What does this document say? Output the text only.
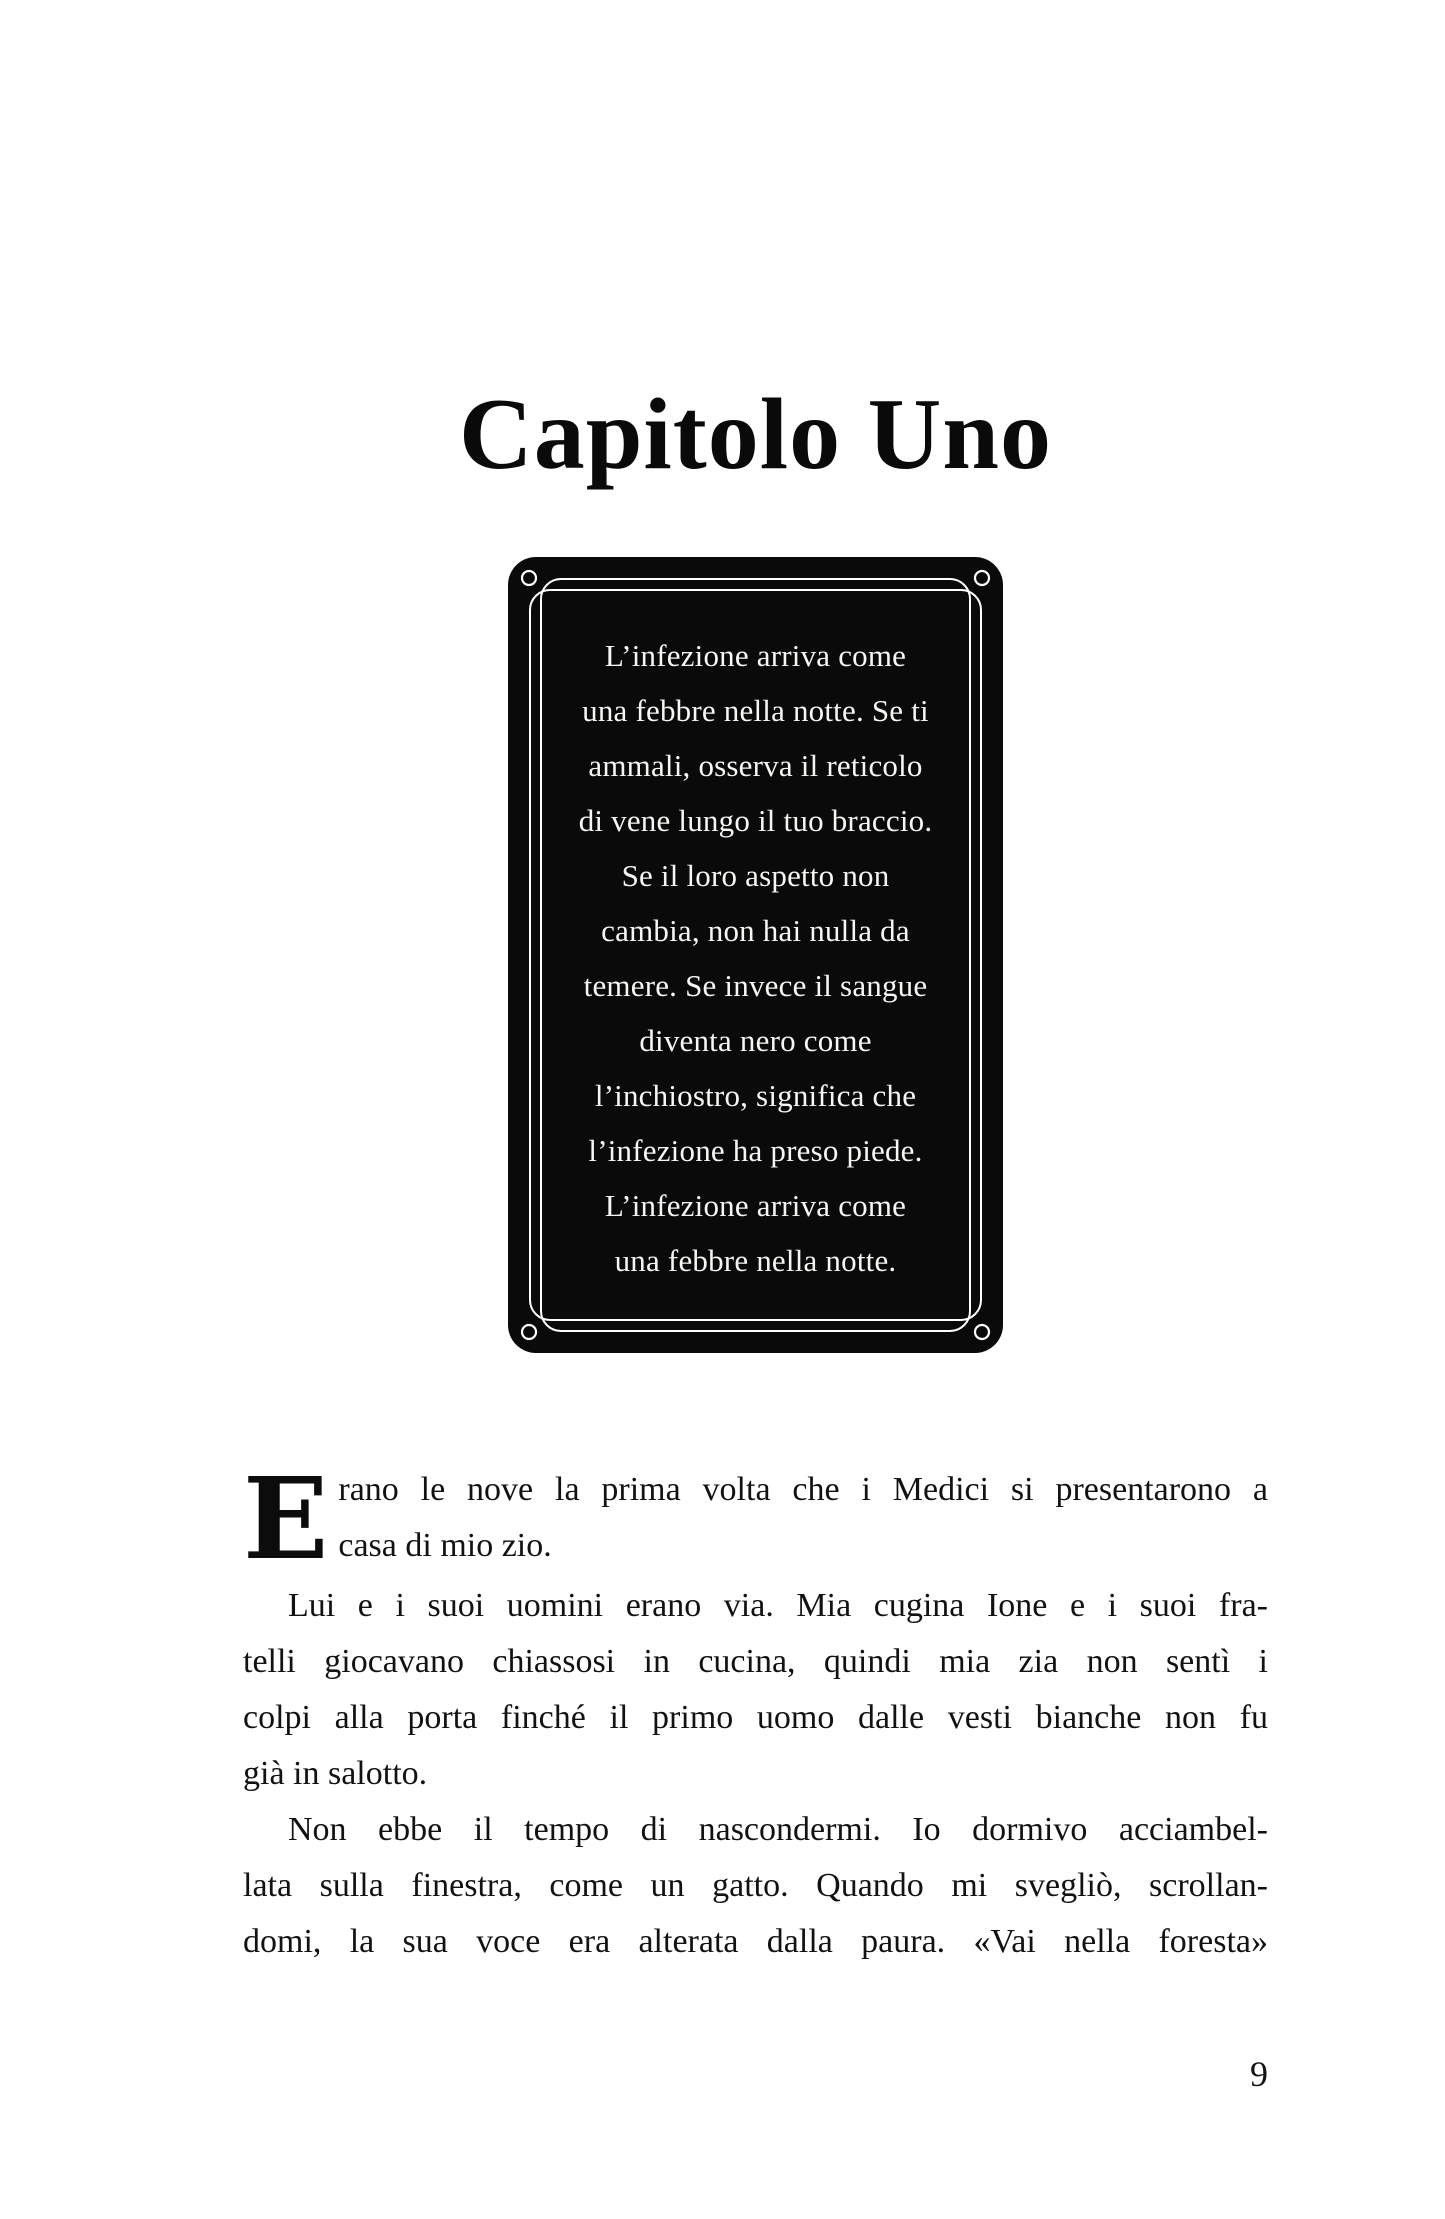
Capitolo Uno
L’infezione arriva come
una febbre nella notte. Se ti
ammali, osserva il reticolo
di vene lungo il tuo braccio.
Se il loro aspetto non
cambia, non hai nulla da
temere. Se invece il sangue
diventa nero come
l’inchiostro, significa che
l’infezione ha preso piede.
L’infezione arriva come
una febbre nella notte.
E rano le nove la prima volta che i Medici si presentarono a
casa di mio zio.
Lui e i suoi uomini erano via. Mia cugina Ione e i suoi fra-
telli giocavano chiassosi in cucina, quindi mia zia non sentì i
colpi alla porta finché il primo uomo dalle vesti bianche non fu
già in salotto.
Non ebbe il tempo di nascondermi. Io dormivo acciambel-
lata sulla finestra, come un gatto. Quando mi svegliò, scrollan-
domi, la sua voce era alterata dalla paura. «Vai nella foresta»
9
